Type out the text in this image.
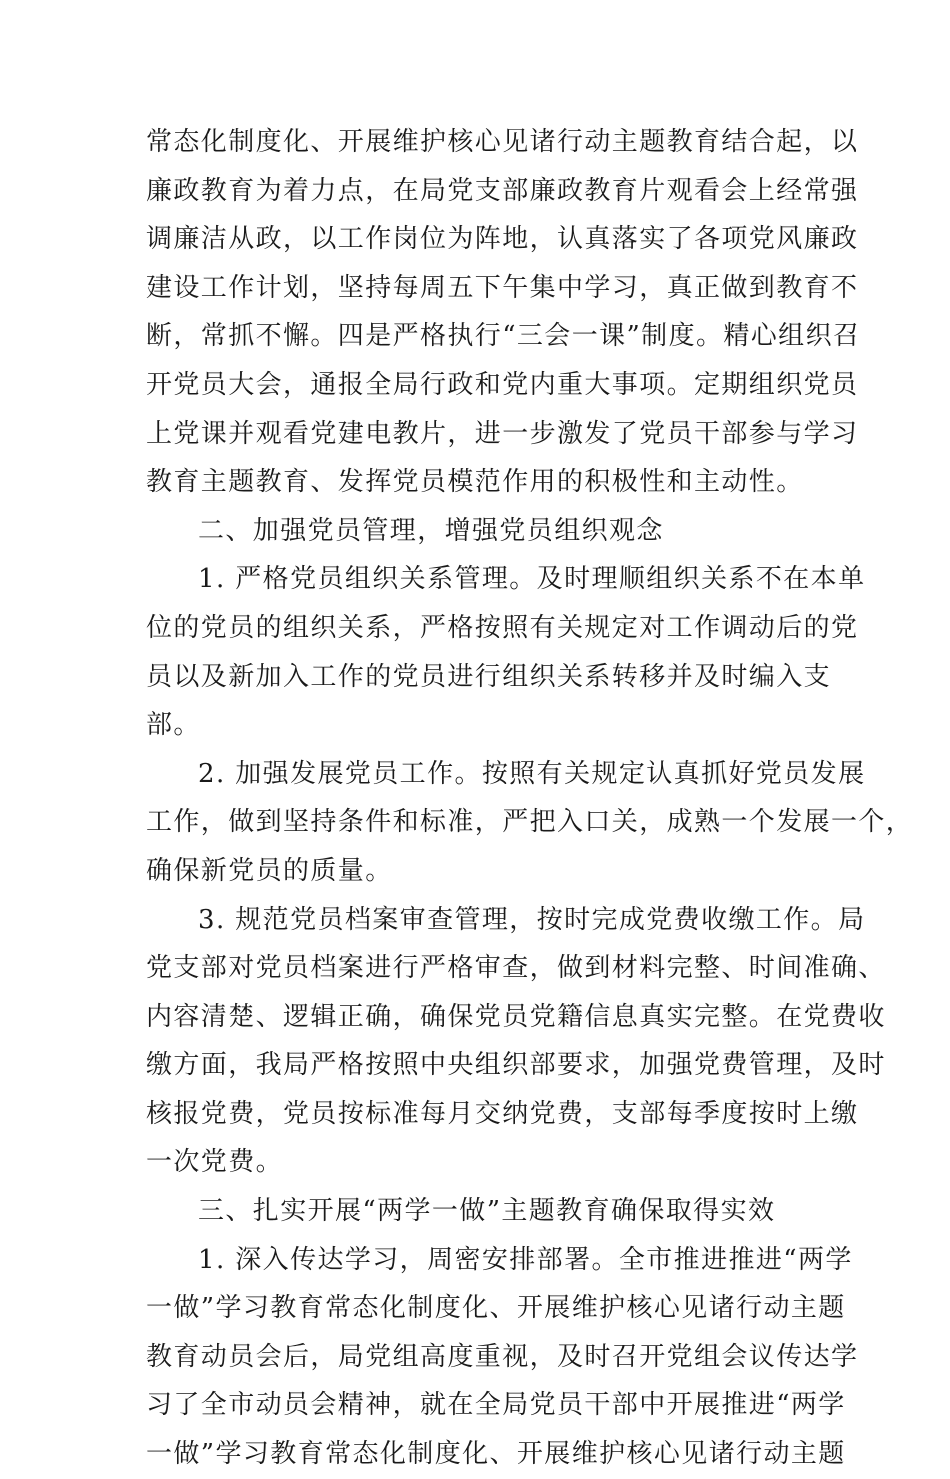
常态化制度化、开展维护核心见诸行动主题教育结合起，以
廉政教育为着力点，在局党支部廉政教育片观看会上经常强
调廉洁从政，以工作岗位为阵地，认真落实了各项党风廉政
建设工作计划，坚持每周五下午集中学习，真正做到教育不
断，常抓不懈。四是严格执行“三会一课”制度。精心组织召
开党员大会，通报全局行政和党内重大事项。定期组织党员
上党课并观看党建电教片，进一步激发了党员干部参与学习
教育主题教育、发挥党员模范作用的积极性和主动性。
二、加强党员管理，增强党员组织观念
1. 严格党员组织关系管理。及时理顺组织关系不在本单
位的党员的组织关系，严格按照有关规定对工作调动后的党
员以及新加入工作的党员进行组织关系转移并及时编入支
部。
2. 加强发展党员工作。按照有关规定认真抓好党员发展
工作，做到坚持条件和标准，严把入口关，成熟一个发展一个，
确保新党员的质量。
3. 规范党员档案审查管理，按时完成党费收缴工作。局
党支部对党员档案进行严格审查，做到材料完整、时间准确、
内容清楚、逻辑正确，确保党员党籍信息真实完整。在党费收
缴方面，我局严格按照中央组织部要求，加强党费管理，及时
核报党费，党员按标准每月交纳党费，支部每季度按时上缴
一次党费。
三、扎实开展“两学一做”主题教育确保取得实效
1. 深入传达学习，周密安排部署。全市推进推进“两学
一做”学习教育常态化制度化、开展维护核心见诸行动主题
教育动员会后，局党组高度重视，及时召开党组会议传达学
习了全市动员会精神，就在全局党员干部中开展推进“两学
一做”学习教育常态化制度化、开展维护核心见诸行动主题
